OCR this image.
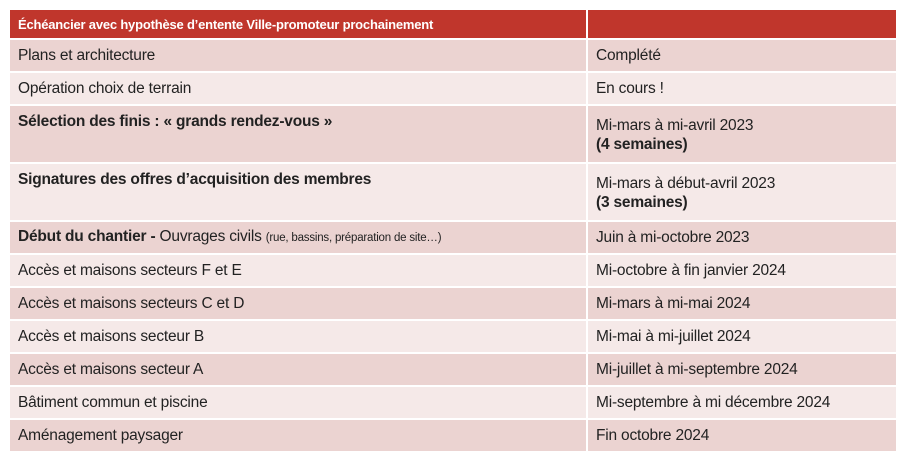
Échéancier avec hypothèse d’entente Ville-promoteur prochainement	
Plans et architecture	Complété
Opération choix de terrain	En cours !
Sélection des finis : « grands rendez-vous »	Mi-mars à mi-avril 2023
(4 semaines)

Signatures des offres d’acquisition des membres	Mi-mars à début-avril 2023
(3 semaines)

Début du chantier - Ouvrages civils (rue, bassins, préparation de site…)	Juin à mi-octobre 2023
Accès et maisons secteurs F et E	Mi-octobre à fin janvier 2024
Accès et maisons secteurs C et D	Mi-mars à mi-mai 2024
Accès et maisons secteur B	Mi-mai à mi-juillet 2024
Accès et maisons secteur A	Mi-juillet à mi-septembre 2024
Bâtiment commun et piscine	Mi-septembre à mi décembre 2024
Aménagement paysager	Fin octobre 2024
